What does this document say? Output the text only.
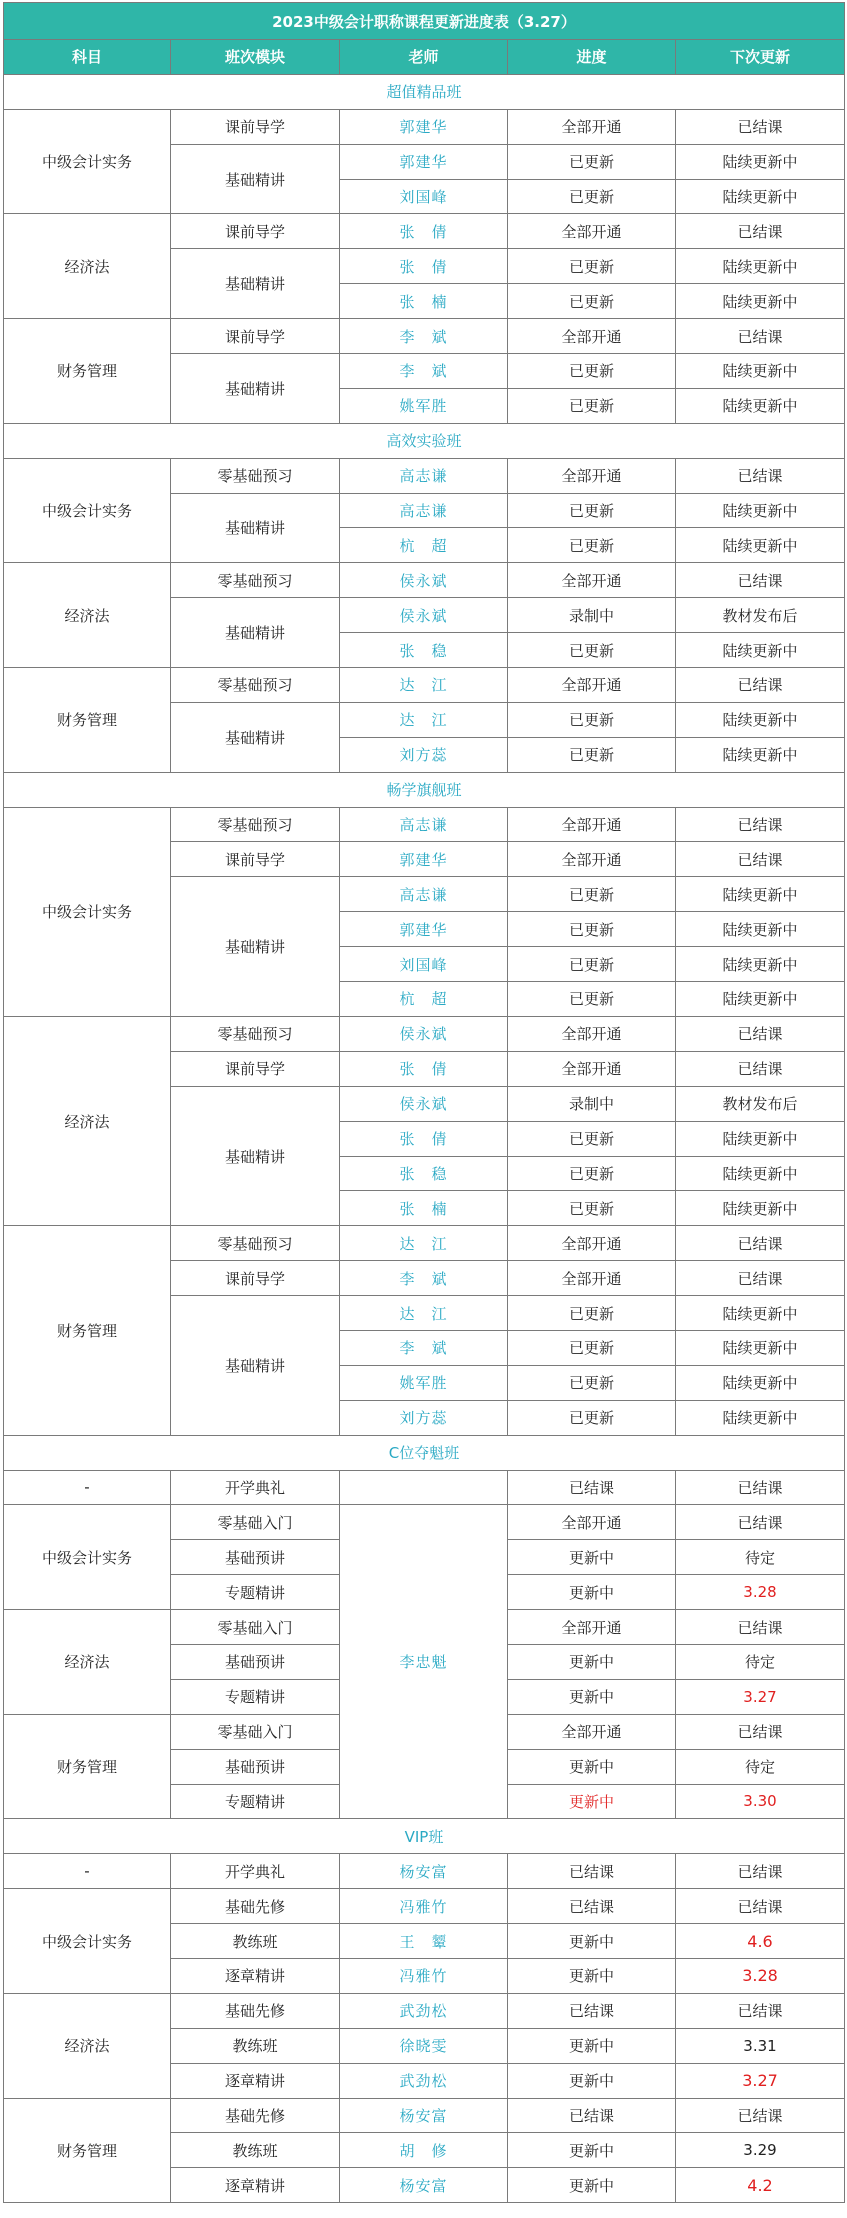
2023中级会计职称课程更新进度表（3.27）				
科目	班次模块	老师	进度	下次更新
超值精品班				
中级会计实务	课前导学	郭建华	全部开通	已结课
	基础精讲	郭建华	已更新	陆续更新中
		刘国峰	已更新	陆续更新中
经济法	课前导学	张　倩	全部开通	已结课
	基础精讲	张　倩	已更新	陆续更新中
		张　楠	已更新	陆续更新中
财务管理	课前导学	李　斌	全部开通	已结课
	基础精讲	李　斌	已更新	陆续更新中
		姚军胜	已更新	陆续更新中
高效实验班				
中级会计实务	零基础预习	高志谦	全部开通	已结课
	基础精讲	高志谦	已更新	陆续更新中
		杭　超	已更新	陆续更新中
经济法	零基础预习	侯永斌	全部开通	已结课
	基础精讲	侯永斌	录制中	教材发布后
		张　稳	已更新	陆续更新中
财务管理	零基础预习	达　江	全部开通	已结课
	基础精讲	达　江	已更新	陆续更新中
		刘方蕊	已更新	陆续更新中
畅学旗舰班				
中级会计实务	零基础预习	高志谦	全部开通	已结课
	课前导学	郭建华	全部开通	已结课
	基础精讲	高志谦	已更新	陆续更新中
		郭建华	已更新	陆续更新中
		刘国峰	已更新	陆续更新中
		杭　超	已更新	陆续更新中
经济法	零基础预习	侯永斌	全部开通	已结课
	课前导学	张　倩	全部开通	已结课
	基础精讲	侯永斌	录制中	教材发布后
		张　倩	已更新	陆续更新中
		张　稳	已更新	陆续更新中
		张　楠	已更新	陆续更新中
财务管理	零基础预习	达　江	全部开通	已结课
	课前导学	李　斌	全部开通	已结课
	基础精讲	达　江	已更新	陆续更新中
		李　斌	已更新	陆续更新中
		姚军胜	已更新	陆续更新中
		刘方蕊	已更新	陆续更新中
C位夺魁班				
-	开学典礼		已结课	已结课
中级会计实务	零基础入门	李忠魁	全部开通	已结课
	基础预讲		更新中	待定
	专题精讲		更新中	3.28
经济法	零基础入门		全部开通	已结课
	基础预讲		更新中	待定
	专题精讲		更新中	3.27
财务管理	零基础入门		全部开通	已结课
	基础预讲		更新中	待定
	专题精讲		更新中	3.30
VIP班				
-	开学典礼	杨安富	已结课	已结课
中级会计实务	基础先修	冯雅竹	已结课	已结课
	教练班	王　颦	更新中	4.6
	逐章精讲	冯雅竹	更新中	3.28
经济法	基础先修	武劲松	已结课	已结课
	教练班	徐晓雯	更新中	3.31
	逐章精讲	武劲松	更新中	3.27
财务管理	基础先修	杨安富	已结课	已结课
	教练班	胡　修	更新中	3.29
	逐章精讲	杨安富	更新中	4.2
